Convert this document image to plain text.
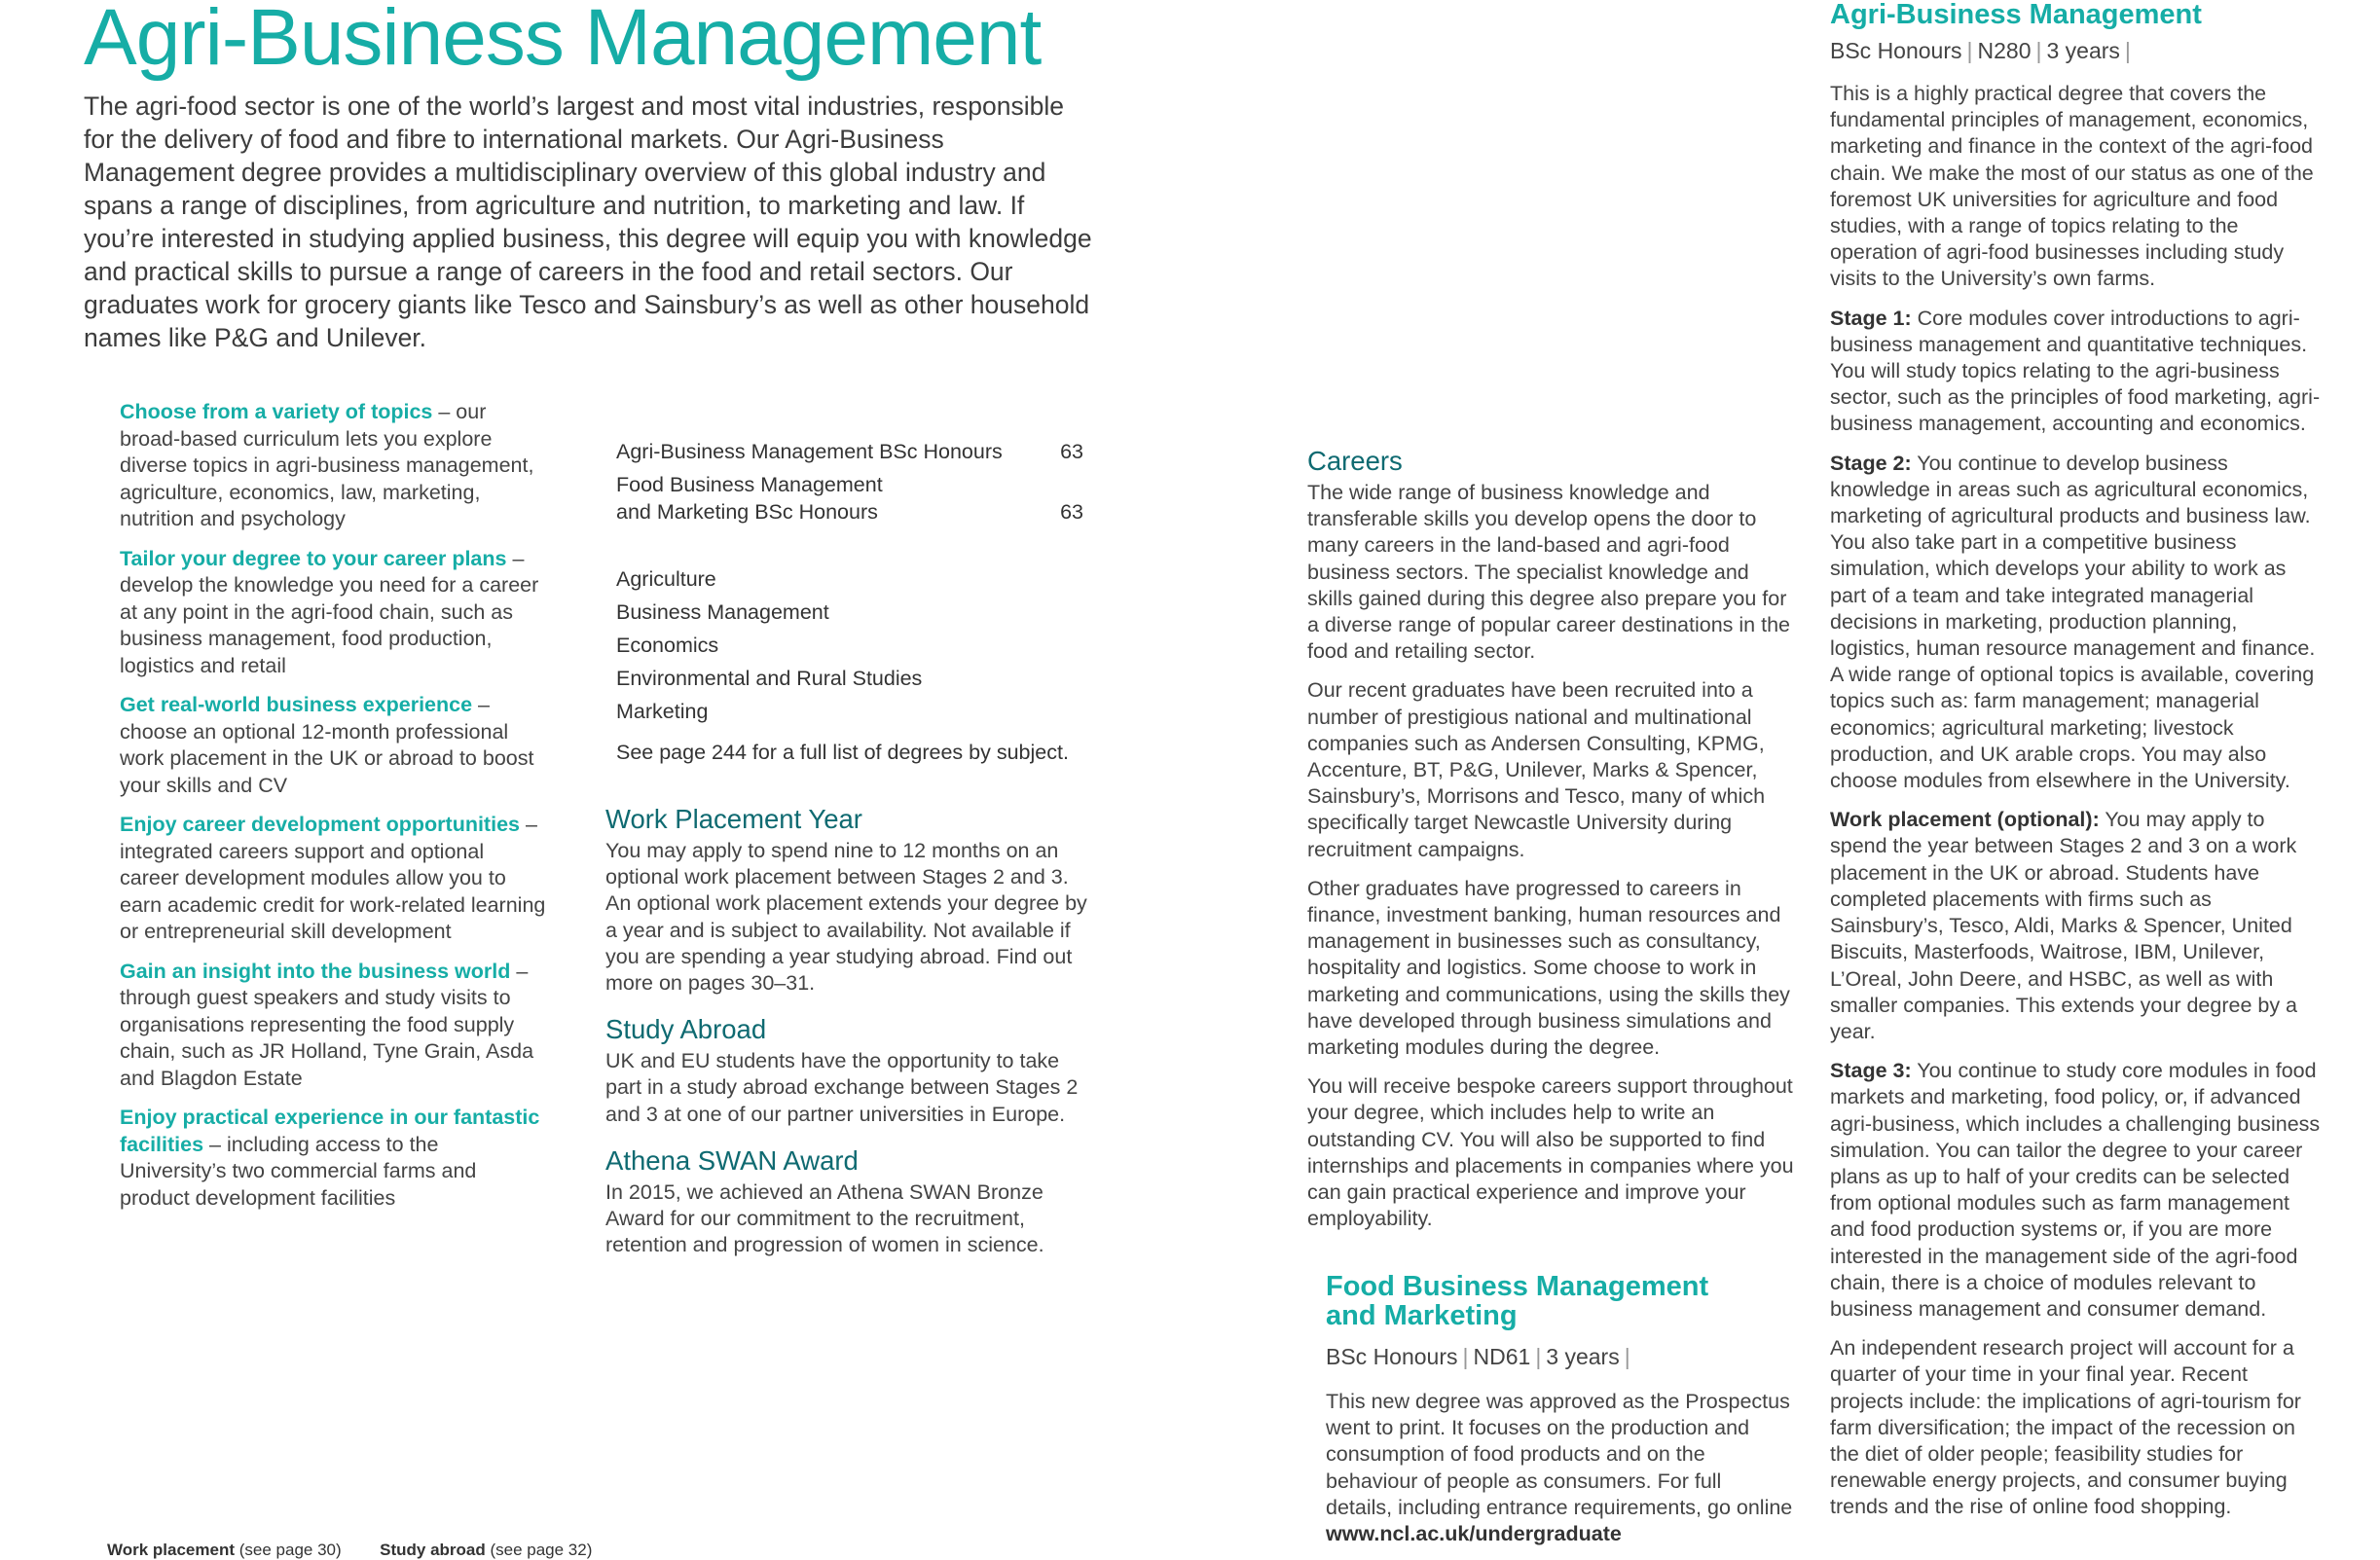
Agri-Business Management

The agri-food sector is one of the world’s largest and most vital industries, responsible for the delivery of food and fibre to international markets. Our Agri-Business Management degree provides a multidisciplinary overview of this global industry and spans a range of disciplines, from agriculture and nutrition, to marketing and law. If you’re interested in studying applied business, this degree will equip you with knowledge and practical skills to pursue a range of careers in the food and retail sectors. Our graduates work for grocery giants like Tesco and Sainsbury’s as well as other household names like P&G and Unilever.

Choose from a variety of topics – our broad-based curriculum lets you explore diverse topics in agri-business management, agriculture, economics, law, marketing, nutrition and psychology

Tailor your degree to your career plans – develop the knowledge you need for a career at any point in the agri-food chain, such as business management, food production, logistics and retail

Get real-world business experience – choose an optional 12-month professional work placement in the UK or abroad to boost your skills and CV

Enjoy career development opportunities – integrated careers support and optional career development modules allow you to earn academic credit for work-related learning or entrepreneurial skill development

Gain an insight into the business world – through guest speakers and study visits to organisations representing the food supply chain, such as JR Holland, Tyne Grain, Asda and Blagdon Estate

Enjoy practical experience in our fantastic facilities – including access to the University’s two commercial farms and product development facilities

Agri-Business Management BSc Honours	63
Food Business Management
and Marketing BSc Honours	63
Agriculture
Business Management
Economics
Environmental and Rural Studies
Marketing
See page 244 for a full list of degrees by subject.
Work Placement Year
You may apply to spend nine to 12 months on an optional work placement between Stages 2 and 3. An optional work placement extends your degree by a year and is subject to availability. Not available if you are spending a year studying abroad. Find out more on pages 30–31.
Study Abroad
UK and EU students have the opportunity to take part in a study abroad exchange between Stages 2 and 3 at one of our partner universities in Europe.
Athena SWAN Award
In 2015, we achieved an Athena SWAN Bronze Award for our commitment to the recruitment, retention and progression of women in science.
Careers

The wide range of business knowledge and transferable skills you develop opens the door to many careers in the land-based and agri-food business sectors. The specialist knowledge and skills gained during this degree also prepare you for a diverse range of popular career destinations in the food and retailing sector.

Our recent graduates have been recruited into a number of prestigious national and multinational companies such as Andersen Consulting, KPMG, Accenture, BT, P&G, Unilever, Marks & Spencer, Sainsbury’s, Morrisons and Tesco, many of which specifically target Newcastle University during recruitment campaigns.

Other graduates have progressed to careers in finance, investment banking, human resources and management in businesses such as consultancy, hospitality and logistics. Some choose to work in marketing and communications, using the skills they have developed through business simulations and marketing modules during the degree.

You will receive bespoke careers support throughout your degree, which includes help to write an outstanding CV. You will also be supported to find internships and placements in companies where you can gain practical experience and improve your employability.

Food Business Management
and Marketing
BSc Honours | ND61 | 3 years |
This new degree was approved as the Prospectus went to print. It focuses on the production and consumption of food products and on the behaviour of people as consumers. For full details, including entrance requirements, go online www.ncl.ac.uk/undergraduate
Agri-Business Management
BSc Honours | N280 | 3 years |

This is a highly practical degree that covers the fundamental principles of management, economics, marketing and finance in the context of the agri-food chain. We make the most of our status as one of the foremost UK universities for agriculture and food studies, with a range of topics relating to the operation of agri-food businesses including study visits to the University’s own farms.

Stage 1: Core modules cover introductions to agri-business management and quantitative techniques. You will study topics relating to the agri-business sector, such as the principles of food marketing, agri-business management, accounting and economics.

Stage 2: You continue to develop business knowledge in areas such as agricultural economics, marketing of agricultural products and business law. You also take part in a competitive business simulation, which develops your ability to work as part of a team and take integrated managerial decisions in marketing, production planning, logistics, human resource management and finance. A wide range of optional topics is available, covering topics such as: farm management; managerial economics; agricultural marketing; livestock production, and UK arable crops. You may also choose modules from elsewhere in the University.

Work placement (optional): You may apply to spend the year between Stages 2 and 3 on a work placement in the UK or abroad. Students have completed placements with firms such as Sainsbury’s, Tesco, Aldi, Marks & Spencer, United Biscuits, Masterfoods, Waitrose, IBM, Unilever, L’Oreal, John Deere, and HSBC, as well as with smaller companies. This extends your degree by a year.

Stage 3: You continue to study core modules in food markets and marketing, food policy, or, if advanced agri-business, which includes a challenging business simulation. You can tailor the degree to your career plans as up to half of your credits can be selected from optional modules such as farm management and food production systems or, if you are more interested in the management side of the agri-food chain, there is a choice of modules relevant to business management and consumer demand.

An independent research project will account for a quarter of your time in your final year. Recent projects include: the implications of agri-tourism for farm diversification; the impact of the recession on the diet of older people; feasibility studies for renewable energy projects, and consumer buying trends and the rise of online food shopping.

Work placement (see page 30) Study abroad (see page 32)
